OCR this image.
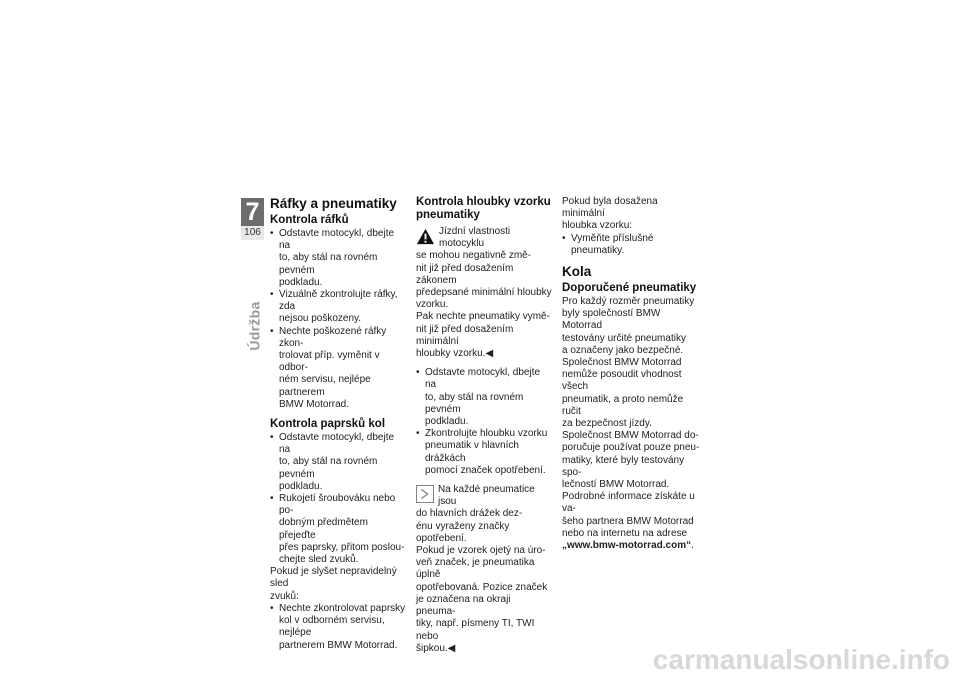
7
106
Údržba
Ráfky a pneumatiky
Kontrola ráfků
• Odstavte motocykl, dbejte na
to, aby stál na rovném pevném
podkladu.
• Vizuálně zkontrolujte ráfky, zda
nejsou poškozeny.
• Nechte poškozené ráfky zkon-
trolovat příp. vyměnit v odbor-
ném servisu, nejlépe partnerem
BMW Motorrad.
Kontrola paprsků kol
• Odstavte motocykl, dbejte na
to, aby stál na rovném pevném
podkladu.
• Rukojetí šroubováku nebo po-
dobným předmětem přejeďte
přes paprsky, přitom poslou-
chejte sled zvuků.
Pokud je slyšet nepravidelný sled
zvuků:
• Nechte zkontrolovat paprsky
kol v odborném servisu, nejlépe
partnerem BMW Motorrad.
Kontrola hloubky vzorku
pneumatiky
Jízdní vlastnosti motocyklu
se mohou negativně změ-
nit již před dosažením zákonem
předepsané minimální hloubky
vzorku.
Pak nechte pneumatiky vymě-
nit již před dosažením minimální
hloubky vzorku.◀
• Odstavte motocykl, dbejte na
to, aby stál na rovném pevném
podkladu.
• Zkontrolujte hloubku vzorku
pneumatik v hlavních drážkách
pomocí značek opotřebení.
Na každé pneumatice jsou
do hlavních drážek dez-
énu vyraženy značky opotřebení.
Pokud je vzorek ojetý na úro-
veň značek, je pneumatika úplně
opotřebovaná. Pozice značek
je označena na okraji pneuma-
tiky, např. písmeny TI, TWI nebo
šipkou.◀
Pokud byla dosažena minimální
hloubka vzorku:
• Vyměňte příslušné pneumatiky.
Kola
Doporučené pneumatiky
Pro každý rozměr pneumatiky
byly společností BMW Motorrad
testovány určité pneumatiky
a označeny jako bezpečné.
Společnost BMW Motorrad
nemůže posoudit vhodnost všech
pneumatik, a proto nemůže ručit
za bezpečnost jízdy.
Společnost BMW Motorrad do-
poručuje používat pouze pneu-
matiky, které byly testovány spo-
lečností BMW Motorrad.
Podrobné informace získáte u va-
šeho partnera BMW Motorrad
nebo na internetu na adrese
„www.bmw-motorrad.com“.
carmanualsonline.info
